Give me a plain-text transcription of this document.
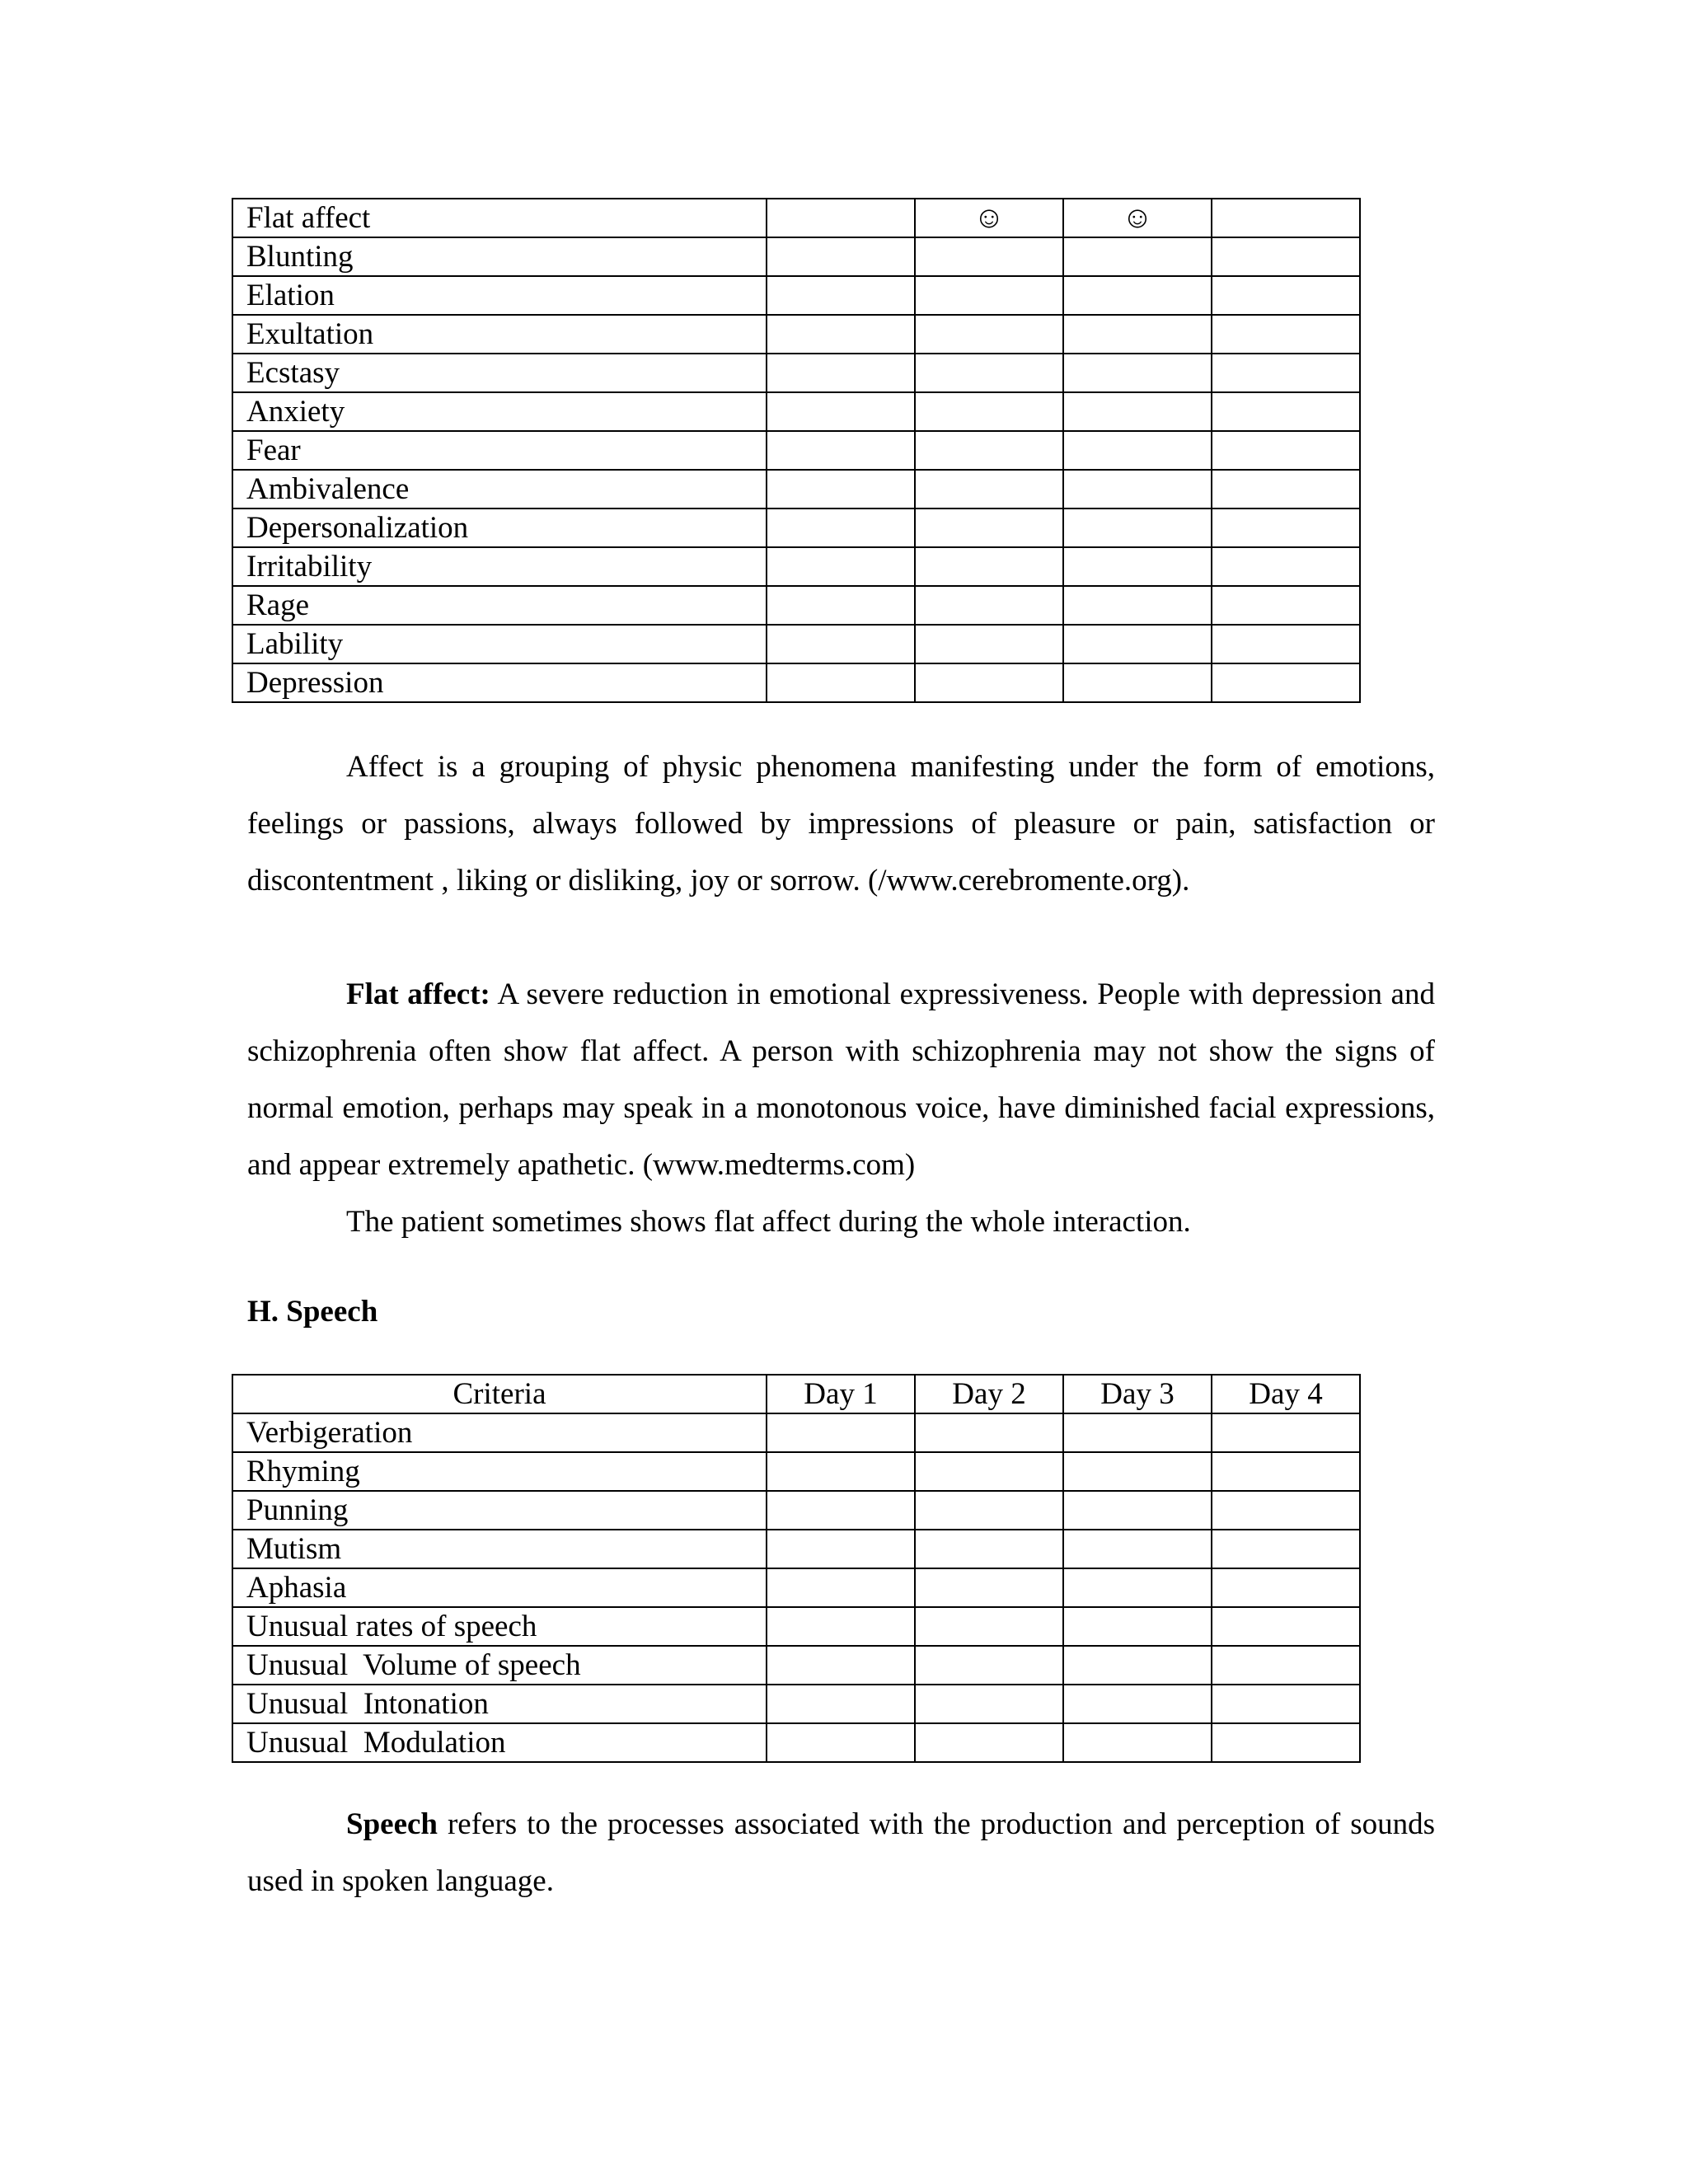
Flat affect		☺	☺	
Blunting				
Elation				
Exultation				
Ecstasy				
Anxiety				
Fear				
Ambivalence				
Depersonalization				
Irritability				
Rage				
Lability				
Depression				

Affect is a grouping of physic phenomena manifesting under the form of emotions, feelings or passions, always followed by impressions of pleasure or pain, satisfaction or discontentment , liking or disliking, joy or sorrow. (/www.cerebromente.org).

Flat affect: A severe reduction in emotional expressiveness. People with depression and schizophrenia often show flat affect. A person with schizophrenia may not show the signs of normal emotion, perhaps may speak in a monotonous voice, have diminished facial expressions, and appear extremely apathetic. (www.medterms.com)

The patient sometimes shows flat affect during the whole interaction.

H. Speech
Criteria	Day 1	Day 2	Day 3	Day 4
Verbigeration				
Rhyming				
Punning				
Mutism				
Aphasia				
Unusual rates of speech				
Unusual  Volume of speech				
Unusual  Intonation				
Unusual  Modulation				

Speech refers to the processes associated with the production and perception of sounds used in spoken language.
